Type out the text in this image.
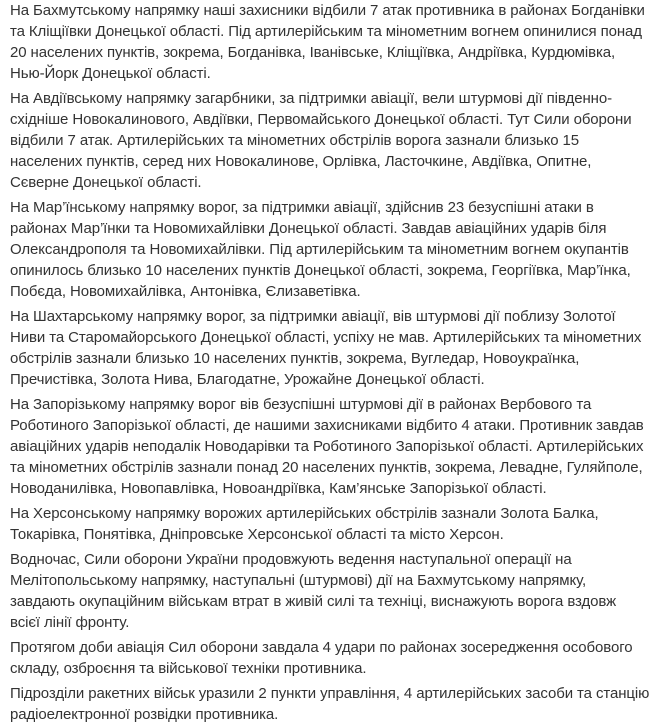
На Бахмутському напрямку наші захисники відбили 7 атак противника в районах Богданівки та Кліщіївки Донецької області. Під артилерійським та мінометним вогнем опинилися понад 20 населених пунктів, зокрема, Богданівка, Іванівське, Кліщіївка, Андріївка, Курдюмівка, Нью-Йорк Донецької області.

На Авдіївському напрямку загарбники, за підтримки авіації, вели штурмові дії південно-східніше Новокалинового, Авдіївки, Первомайського Донецької області. Тут Сили оборони відбили 7 атак. Артилерійських та мінометних обстрілів ворога зазнали близько 15 населених пунктів, серед них Новокалинове, Орлівка, Ласточкине, Авдіївка, Опитне, Сєверне Донецької області.

На Мар’їнському напрямку ворог, за підтримки авіації, здійснив 23 безуспішні атаки в районах Мар’їнки та Новомихайлівки Донецької області. Завдав авіаційних ударів біля Олександрополя та Новомихайлівки. Під артилерійським та мінометним вогнем окупантів опинилось близько 10 населених пунктів Донецької області, зокрема, Георгіївка, Мар’їнка, Побєда, Новомихайлівка, Антонівка, Єлизаветівка.

На Шахтарському напрямку ворог, за підтримки авіації, вів штурмові дії поблизу Золотої Ниви та Старомайорського Донецької області, успіху не мав. Артилерійських та мінометних обстрілів зазнали близько 10 населених пунктів, зокрема, Вугледар, Новоукраїнка, Пречистівка, Золота Нива, Благодатне, Урожайне Донецької області.

На Запорізькому напрямку ворог вів безуспішні штурмові дії в районах Вербового та Роботиного Запорізької області, де нашими захисниками відбито 4 атаки. Противник завдав авіаційних ударів неподалік Новодарівки та Роботиного Запорізької області. Артилерійських та мінометних обстрілів зазнали понад 20 населених пунктів, зокрема, Левадне, Гуляйполе, Новоданилівка, Новопавлівка, Новоандріївка, Кам’янське Запорізької області.

На Херсонському напрямку ворожих артилерійських обстрілів зазнали Золота Балка, Токарівка, Понятівка, Дніпровське Херсонської області та місто Херсон.

Водночас, Сили оборони України продовжують ведення наступальної операції на Мелітопольському напрямку, наступальні (штурмові) дії на Бахмутському напрямку, завдають окупаційним військам втрат в живій силі та техніці, виснажують ворога вздовж всієї лінії фронту.

Протягом доби авіація Сил оборони завдала 4 удари по районах зосередження особового складу, озброєння та військової техніки противника.

Підрозділи ракетних військ уразили 2 пункти управління, 4 артилерійських засоби та станцію радіоелектронної розвідки противника.
